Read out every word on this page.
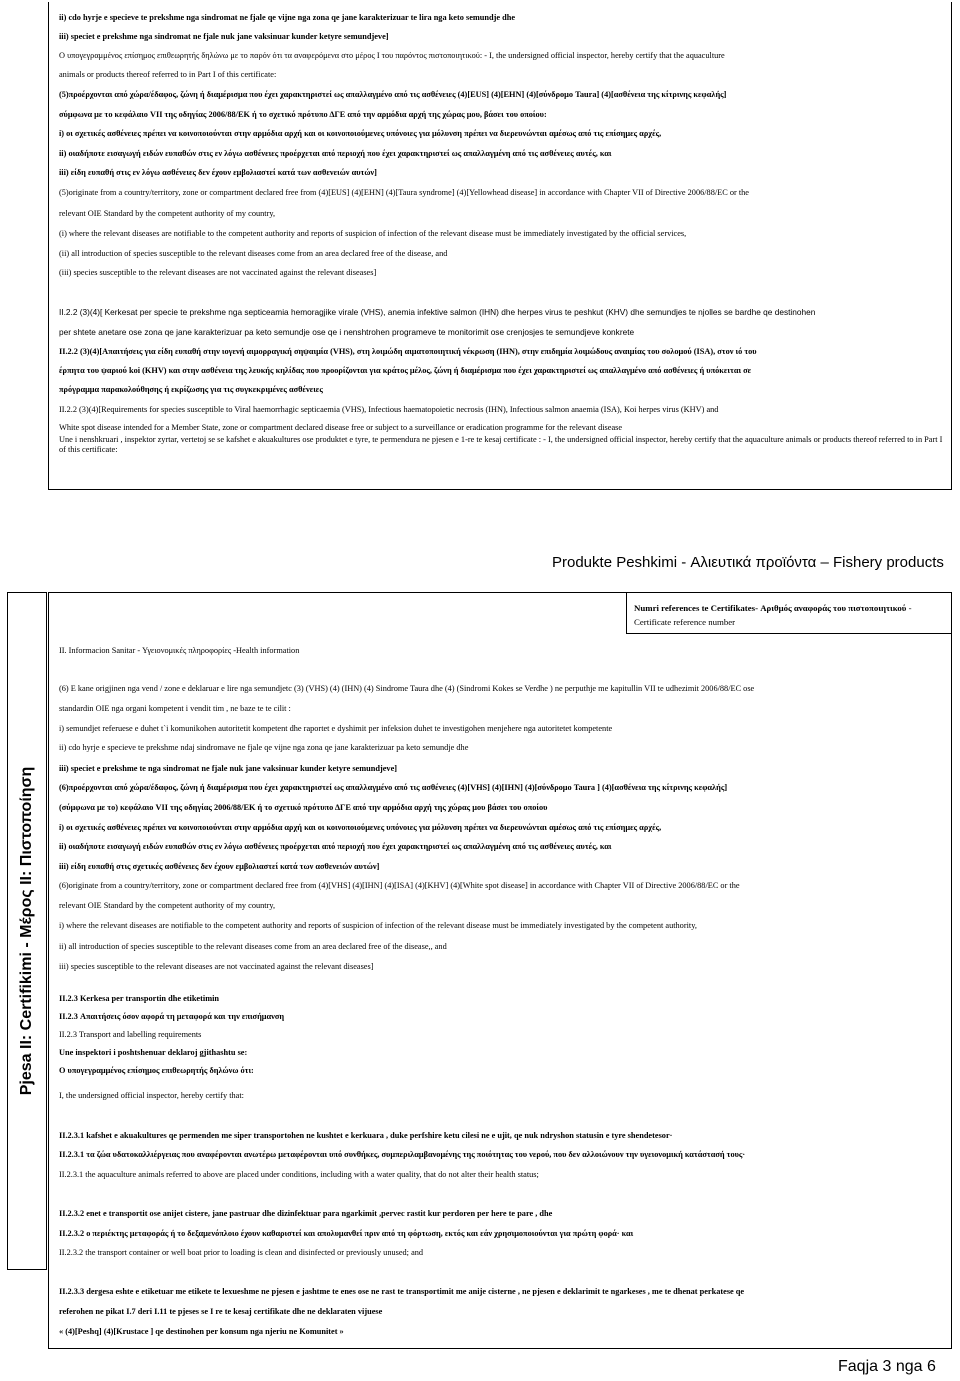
ii) cdo hyrje e specieve te prekshme nga sindromat ne fjale qe vijne nga zona qe jane karakterizuar te lira nga keto semundje dhe
iii) speciet e prekshme nga sindromat ne fjale nuk jane vaksinuar kunder ketyre semundjeve]
Ο υπογεγραμμένος επίσημος επιθεωρητής δηλώνω με το παρόν ότι τα αναφερόμενα στο μέρος I του παρόντος πιστοποιητικού: - I, the undersigned official inspector, hereby certify that the aquaculture
animals or products thereof referred to in Part I of this certificate:
(5)προέρχονται από χώρα/έδαφος, ζώνη ή διαμέρισμα που έχει χαρακτηριστεί ως απαλλαγμένο από τις ασθένειες (4)[EUS] (4)[EHN] (4)[σύνδρομο Taura] (4)[ασθένεια της κίτρινης κεφαλής]
σύμφωνα με το κεφάλαιο VII της οδηγίας 2006/88/ΕΚ ή το σχετικό πρότυπο ΔΓΕ από την αρμόδια αρχή της χώρας μου, βάσει του οποίου:
i) οι σχετικές ασθένειες πρέπει να κοινοποιούνται στην αρμόδια αρχή και οι κοινοποιούμενες υπόνοιες για μόλυνση πρέπει να διερευνώνται αμέσως από τις επίσημες αρχές,
ii) οιαδήποτε εισαγωγή ειδών ευπαθών στις εν λόγω ασθένειες προέρχεται από περιοχή που έχει χαρακτηριστεί ως απαλλαγμένη από τις ασθένειες αυτές, και
iii) είδη ευπαθή στις εν λόγω ασθένειες δεν έχουν εμβολιαστεί κατά των ασθενειών αυτών]
(5)originate from a country/territory, zone or compartment declared free from (4)[EUS] (4)[EHN] (4)[Taura syndrome] (4)[Yellowhead disease] in accordance with Chapter VII of Directive 2006/88/EC or the
relevant OIE Standard by the competent authority of my country,
(i) where the relevant diseases are notifiable to the competent authority and reports of suspicion of infection of the relevant disease must be immediately investigated by the official services,
(ii) all introduction of species susceptible to the relevant diseases come from an area declared free of the disease, and
(iii) species susceptible to the relevant diseases are not vaccinated against the relevant diseases]
II.2.2 (3)(4)[ Kerkesat per specie te prekshme nga septiceamia hemoragjike virale (VHS), anemia infektive salmon (IHN) dhe herpes virus te peshkut (KHV) dhe semundjes te njolles se bardhe qe destinohen
per shtete anetare ose zona qe jane karakterizuar pa keto semundje ose qe i nenshtrohen programeve te monitorimit ose crenjosjes te semundjeve konkrete
II.2.2 (3)(4)[Απαιτήσεις για είδη ευπαθή στην ιογενή αιμορραγική σηψαιμία (VHS), στη λοιμώδη αιματοποιητική νέκρωση (IHN), στην επιδημία λοιμώδους αναιμίας του σολομού (ISA), στον ιό του
έρπητα του ψαριού koi (KHV) και στην ασθένεια της λευκής κηλίδας που προορίζονται για κράτος μέλος, ζώνη ή διαμέρισμα που έχει χαρακτηριστεί ως απαλλαγμένο από ασθένειες ή υπόκειται σε
πρόγραμμα παρακολούθησης ή εκρίζωσης για τις συγκεκριμένες ασθένειες
II.2.2 (3)(4)[Requirements for species susceptible to Viral haemorrhagic septicaemia (VHS), Infectious haematopoietic necrosis (IHN), Infectious salmon anaemia (ISA), Koi herpes virus (KHV) and
White spot disease intended for a Member State, zone or compartment declared disease free or subject to a surveillance or eradication programme for the relevant disease
Une i nenshkruari , inspektor zyrtar, vertetoj se se kafshet e akuakultures ose produktet e tyre, te permendura ne pjesen e 1-re te kesaj certificate : - I, the undersigned official inspector, hereby certify that the aquaculture animals or products thereof referred to in Part I of this certificate:
Produkte Peshkimi - Αλιευτικά προϊόντα – Fishery products
Pjesa II: Certifikimi - Μέρος II: Πιστοποίηση
Numri references te Certifikates- Αριθμός αναφοράς του πιστοποιητικού - Certificate reference number
II. Informacion Sanitar - Υγειονομικές πληροφορίες -Health information
(6) E kane origjinen nga vend / zone e deklaruar e lire nga semundjetc (3) (VHS) (4) (IHN) (4) Sindrome Taura dhe (4) (Sindromi Kokes se Verdhe ) ne perputhje me kapitullin VII te udhezimit 2006/88/EC ose
standardin OIE nga organi kompetent i vendit tim , ne baze te te cilit :
i) semundjet referuese e duhet t`i komunikohen autoritetit kompetent dhe raportet e dyshimit per infeksion duhet te investigohen menjehere nga autoritetet kompetente
ii) cdo hyrje e specieve te prekshme ndaj sindromave ne fjale qe vijne nga zona qe jane karakterizuar pa keto semundje dhe
iii) speciet e prekshme te nga sindromat ne fjale nuk jane vaksinuar kunder ketyre semundjeve]
(6)προέρχονται από χώρα/έδαφος, ζώνη ή διαμέρισμα που έχει χαρακτηριστεί ως απαλλαγμένο από τις ασθένειες (4)[VHS] (4)[IHN] (4)[σύνδρομο Taura ] (4)[ασθένεια της κίτρινης κεφαλής]
(σύμφωνα με το) κεφάλαιο VII της οδηγίας 2006/88/ΕΚ ή το σχετικό πρότυπο ΔΓΕ από την αρμόδια αρχή της χώρας μου βάσει του οποίου
i) οι σχετικές ασθένειες πρέπει να κοινοποιούνται στην αρμόδια αρχή και οι κοινοποιούμενες υπόνοιες για μόλυνση πρέπει να διερευνώνται αμέσως από τις επίσημες αρχές,
ii) οιαδήποτε εισαγωγή ειδών ευπαθών στις εν λόγω ασθένειες προέρχεται από περιοχή που έχει χαρακτηριστεί ως απαλλαγμένη από τις ασθένειες αυτές, και
iii) είδη ευπαθή στις σχετικές ασθένειες δεν έχουν εμβολιαστεί κατά των ασθενειών αυτών]
(6)originate from a country/territory, zone or compartment declared free from (4)[VHS] (4)[IHN] (4)[ISA] (4)[KHV] (4)[White spot disease] in accordance with Chapter VII of Directive 2006/88/EC or the
relevant OIE Standard by the competent authority of my country,
i) where the relevant diseases are notifiable to the competent authority and reports of suspicion of infection of the relevant disease must be immediately investigated by the competent authority,
ii) all introduction of species susceptible to the relevant diseases come from an area declared free of the disease,, and
iii) species susceptible to the relevant diseases are not vaccinated against the relevant diseases]
II.2.3 Kerkesa per transportin dhe etiketimin
II.2.3 Απαιτήσεις όσον αφορά τη μεταφορά και την επισήμανση
II.2.3 Transport and labelling requirements
Une inspektori i poshtshenuar deklaroj gjithashtu se:
Ο υπογεγραμμένος επίσημος επιθεωρητής δηλώνω ότι:
I, the undersigned official inspector, hereby certify that:
II.2.3.1 kafshet e akuakultures qe permenden me siper transportohen ne kushtet e kerkuara , duke perfshire ketu cilesi ne e ujit, qe nuk ndryshon statusin e tyre shendetesor·
II.2.3.1 τα ζώα υδατοκαλλιέργειας που αναφέρονται ανωτέρω μεταφέρονται υπό συνθήκες, συμπεριλαμβανομένης της ποιότητας του νερού, που δεν αλλοιώνουν την υγειονομική κατάστασή τους·
II.2.3.1 the aquaculture animals referred to above are placed under conditions, including with a water quality, that do not alter their health status;
II.2.3.2 enet e transportit ose anijet cistere, jane pastruar dhe dizinfektuar para ngarkimit ,pervec rastit kur perdoren per here te pare , dhe
II.2.3.2 ο περιέκτης μεταφοράς ή το δεξαμενόπλοιο έχουν καθαριστεί και απολυμανθεί πριν από τη φόρτωση, εκτός και εάν χρησιμοποιούνται για πρώτη φορά· και
II.2.3.2 the transport container or well boat prior to loading is clean and disinfected or previously unused; and
II.2.3.3 dergesa eshte e etiketuar me etikete te lexueshme ne pjesen e jashtme te enes ose ne rast te transportimit me anije cisterne , ne pjesen e deklarimit te ngarkeses , me te dhenat perkatese qe
referohen ne pikat I.7 deri I.11 te pjeses se I re te kesaj certifikate dhe ne deklaraten vijuese
« (4)[Peshq] (4)[Krustace ] qe destinohen per konsum nga njeriu ne Komunitet »
Faqja 3 nga 6
